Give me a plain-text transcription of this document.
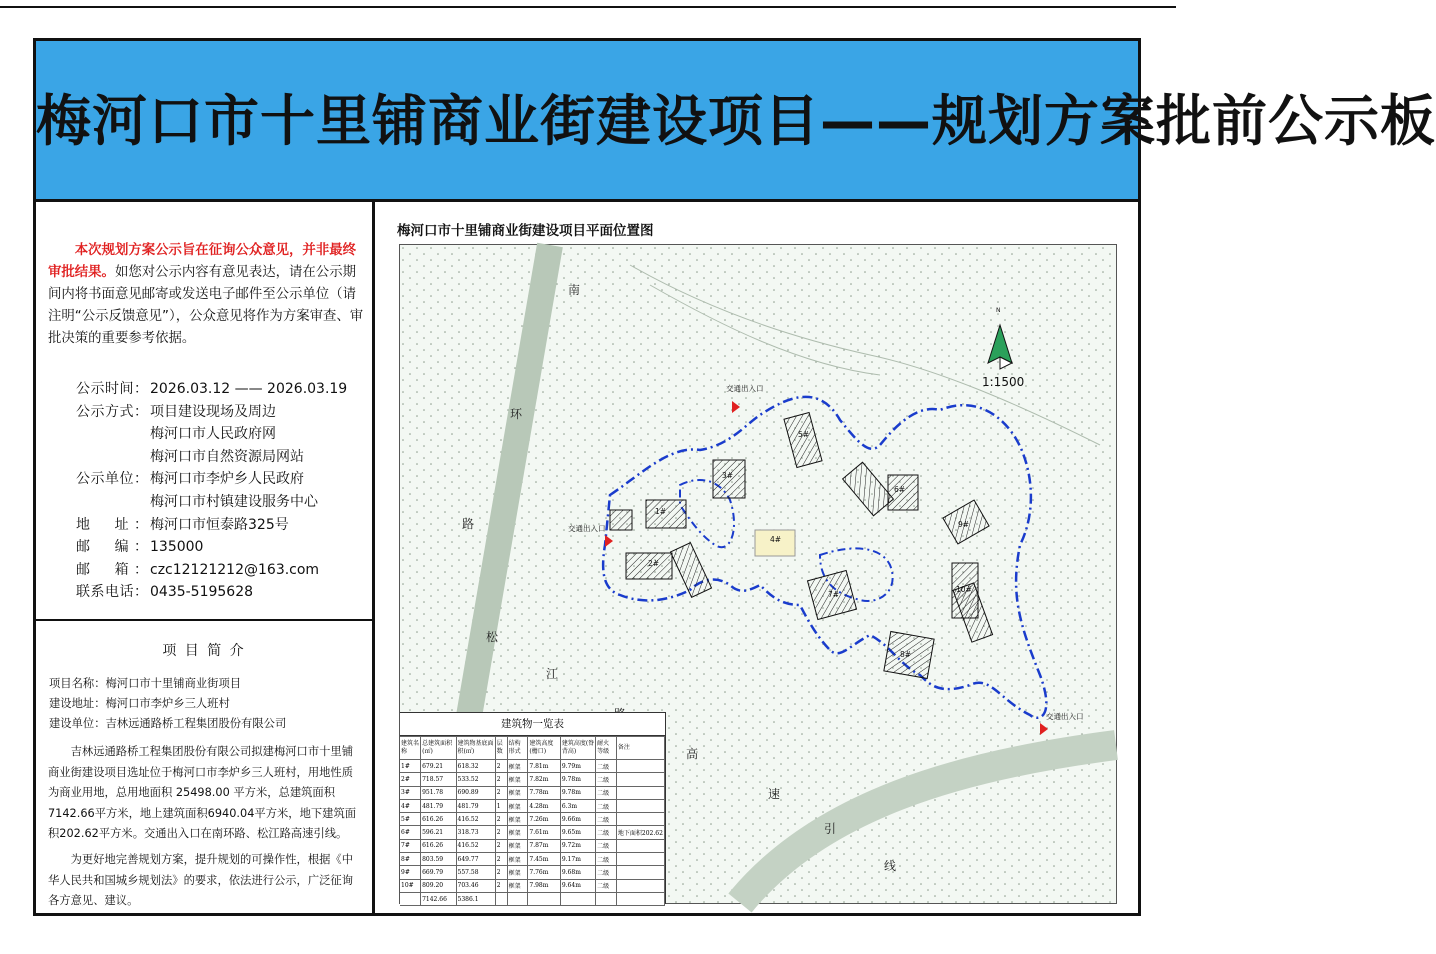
梅河口市十里铺商业街建设项目——规划方案批前公示板
本次规划方案公示旨在征询公众意见，并非最终审批结果。如您对公示内容有意见表达，请在公示期间内将书面意见邮寄或发送电子邮件至公示单位（请注明“公示反馈意见”），公众意见将作为方案审查、审批决策的重要参考依据。
公示时间： 2026.03.12 —— 2026.03.19
公示方式： 项目建设现场及周边
梅河口市人民政府网
梅河口市自然资源局网站
公示单位： 梅河口市李炉乡人民政府
梅河口市村镇建设服务中心
地　址： 梅河口市恒泰路325号
邮　编： 135000
邮　箱： czc12121212@163.com
联系电话： 0435-5195628
项 目 简 介
项目名称：梅河口市十里铺商业街项目
建设地址：梅河口市李炉乡三人班村
建设单位：吉林远通路桥工程集团股份有限公司
吉林远通路桥工程集团股份有限公司拟建梅河口市十里铺商业街建设项目选址位于梅河口市李炉乡三人班村，用地性质为商业用地，总用地面积 25498.00 平方米，总建筑面积7142.66平方米，地上建筑面积6940.04平方米，地下建筑面积202.62平方米。交通出入口在南环路、松江路高速引线。
为更好地完善规划方案，提升规划的可操作性，根据《中华人民共和国城乡规划法》的要求，依法进行公示，广泛征询各方意见、建议。
梅河口市十里铺商业街建设项目平面位置图
交通出入口
交通出入口
交通出入口
1:1500
N
南
环
路
松
江
高
速
引
线
1#
2#
3#
4#
5#
6#
7#
8#
9#
10#
建筑物一览表
建筑名称	总建筑面积(㎡)	建筑物基底面积(㎡)	层数	结构形式	建筑高度(檐口)	建筑高度(脊背高)	耐火等级	备注
1#	679.21	618.32	2	框架	7.81m	9.79m	二级	
2#	718.57	533.52	2	框架	7.82m	9.78m	二级	
3#	951.78	690.89	2	框架	7.78m	9.78m	二级	
4#	481.79	481.79	1	框架	4.28m	6.3m	二级	
5#	616.26	416.52	2	框架	7.26m	9.66m	二级	
6#	596.21	318.73	2	框架	7.61m	9.65m	二级	地下面积202.62
7#	616.26	416.52	2	框架	7.87m	9.72m	二级	
8#	803.59	649.77	2	框架	7.45m	9.17m	二级	
9#	669.79	557.58	2	框架	7.76m	9.68m	二级	
10#	809.20	703.46	2	框架	7.98m	9.64m	二级	
	7142.66	5386.1						
